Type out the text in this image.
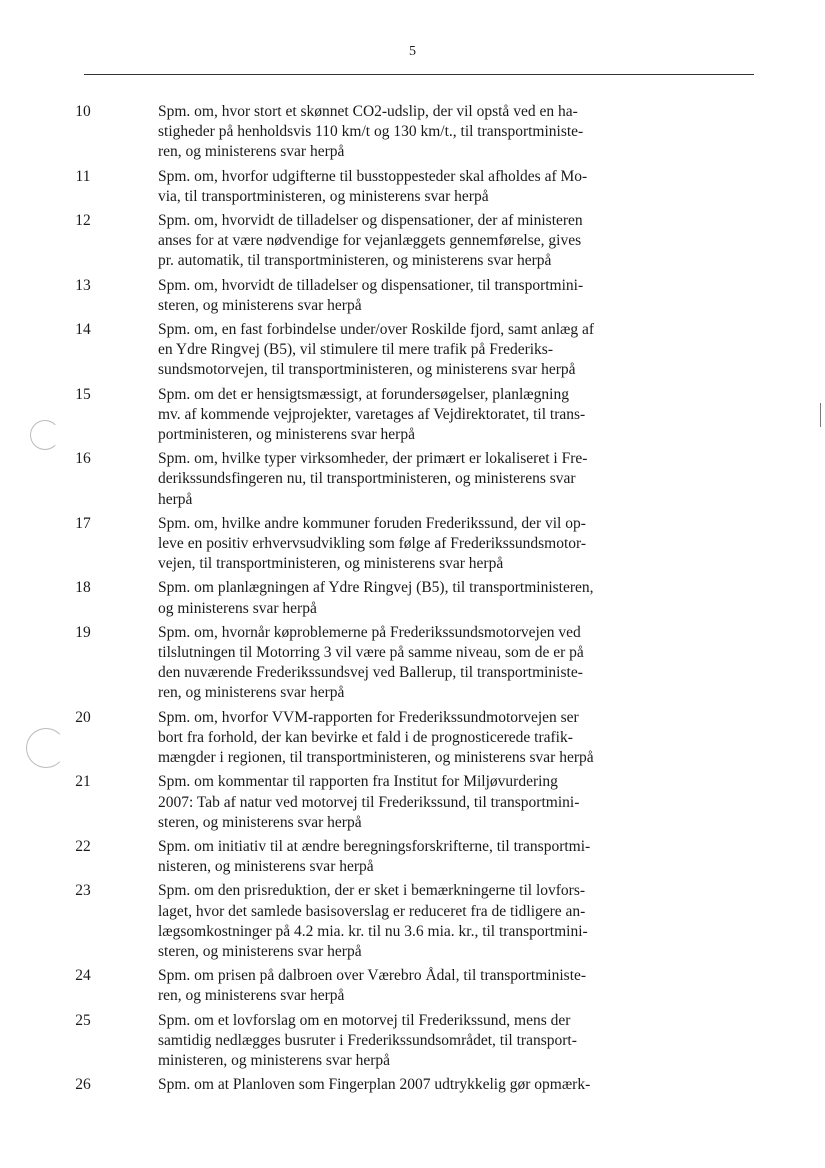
5
10	Spm. om, hvor stort et skønnet CO2-udslip, der vil opstå ved en ha-
stigheder på henholdsvis 110 km/t og 130 km/t., til transportministe-
ren, og ministerens svar herpå
11	Spm. om, hvorfor udgifterne til busstoppesteder skal afholdes af Mo-
via, til transportministeren, og ministerens svar herpå
12	Spm. om, hvorvidt de tilladelser og dispensationer, der af ministeren
anses for at være nødvendige for vejanlæggets gennemførelse, gives
pr. automatik, til transportministeren, og ministerens svar herpå
13	Spm. om, hvorvidt de tilladelser og dispensationer, til transportmini-
steren, og ministerens svar herpå
14	Spm. om, en fast forbindelse under/over Roskilde fjord, samt anlæg af
en Ydre Ringvej (B5), vil stimulere til mere trafik på Frederiks-
sundsmotorvejen, til transportministeren, og ministerens svar herpå
15	Spm. om det er hensigtsmæssigt, at forundersøgelser, planlægning
mv. af kommende vejprojekter, varetages af Vejdirektoratet, til trans-
portministeren, og ministerens svar herpå
16	Spm. om, hvilke typer virksomheder, der primært er lokaliseret i Fre-
derikssundsfingeren nu, til transportministeren, og ministerens svar
herpå
17	Spm. om, hvilke andre kommuner foruden Frederikssund, der vil op-
leve en positiv erhvervsudvikling som følge af Frederikssundsmotor-
vejen, til transportministeren, og ministerens svar herpå
18	Spm. om planlægningen af Ydre Ringvej (B5), til transportministeren,
og ministerens svar herpå
19	Spm. om, hvornår køproblemerne på Frederikssundsmotorvejen ved
tilslutningen til Motorring 3 vil være på samme niveau, som de er på
den nuværende Frederikssundsvej ved Ballerup, til transportministe-
ren, og ministerens svar herpå
20	Spm. om, hvorfor VVM-rapporten for Frederikssundmotorvejen ser
bort fra forhold, der kan bevirke et fald i de prognosticerede trafik-
mængder i regionen, til transportministeren, og ministerens svar herpå
21	Spm. om kommentar til rapporten fra Institut for Miljøvurdering
2007: Tab af natur ved motorvej til Frederikssund, til transportmini-
steren, og ministerens svar herpå
22	Spm. om initiativ til at ændre beregningsforskrifterne, til transportmi-
nisteren, og ministerens svar herpå
23	Spm. om den prisreduktion, der er sket i bemærkningerne til lovfors-
laget, hvor det samlede basisoverslag er reduceret fra de tidligere an-
lægsomkostninger på 4.2 mia. kr. til nu 3.6 mia. kr., til transportmini-
steren, og ministerens svar herpå
24	Spm. om prisen på dalbroen over Værebro Ådal, til transportministe-
ren, og ministerens svar herpå
25	Spm. om et lovforslag om en motorvej til Frederikssund, mens der
samtidig nedlægges busruter i Frederikssundsområdet, til transport-
ministeren, og ministerens svar herpå
26	Spm. om at Planloven som Fingerplan 2007 udtrykkelig gør opmærk-
